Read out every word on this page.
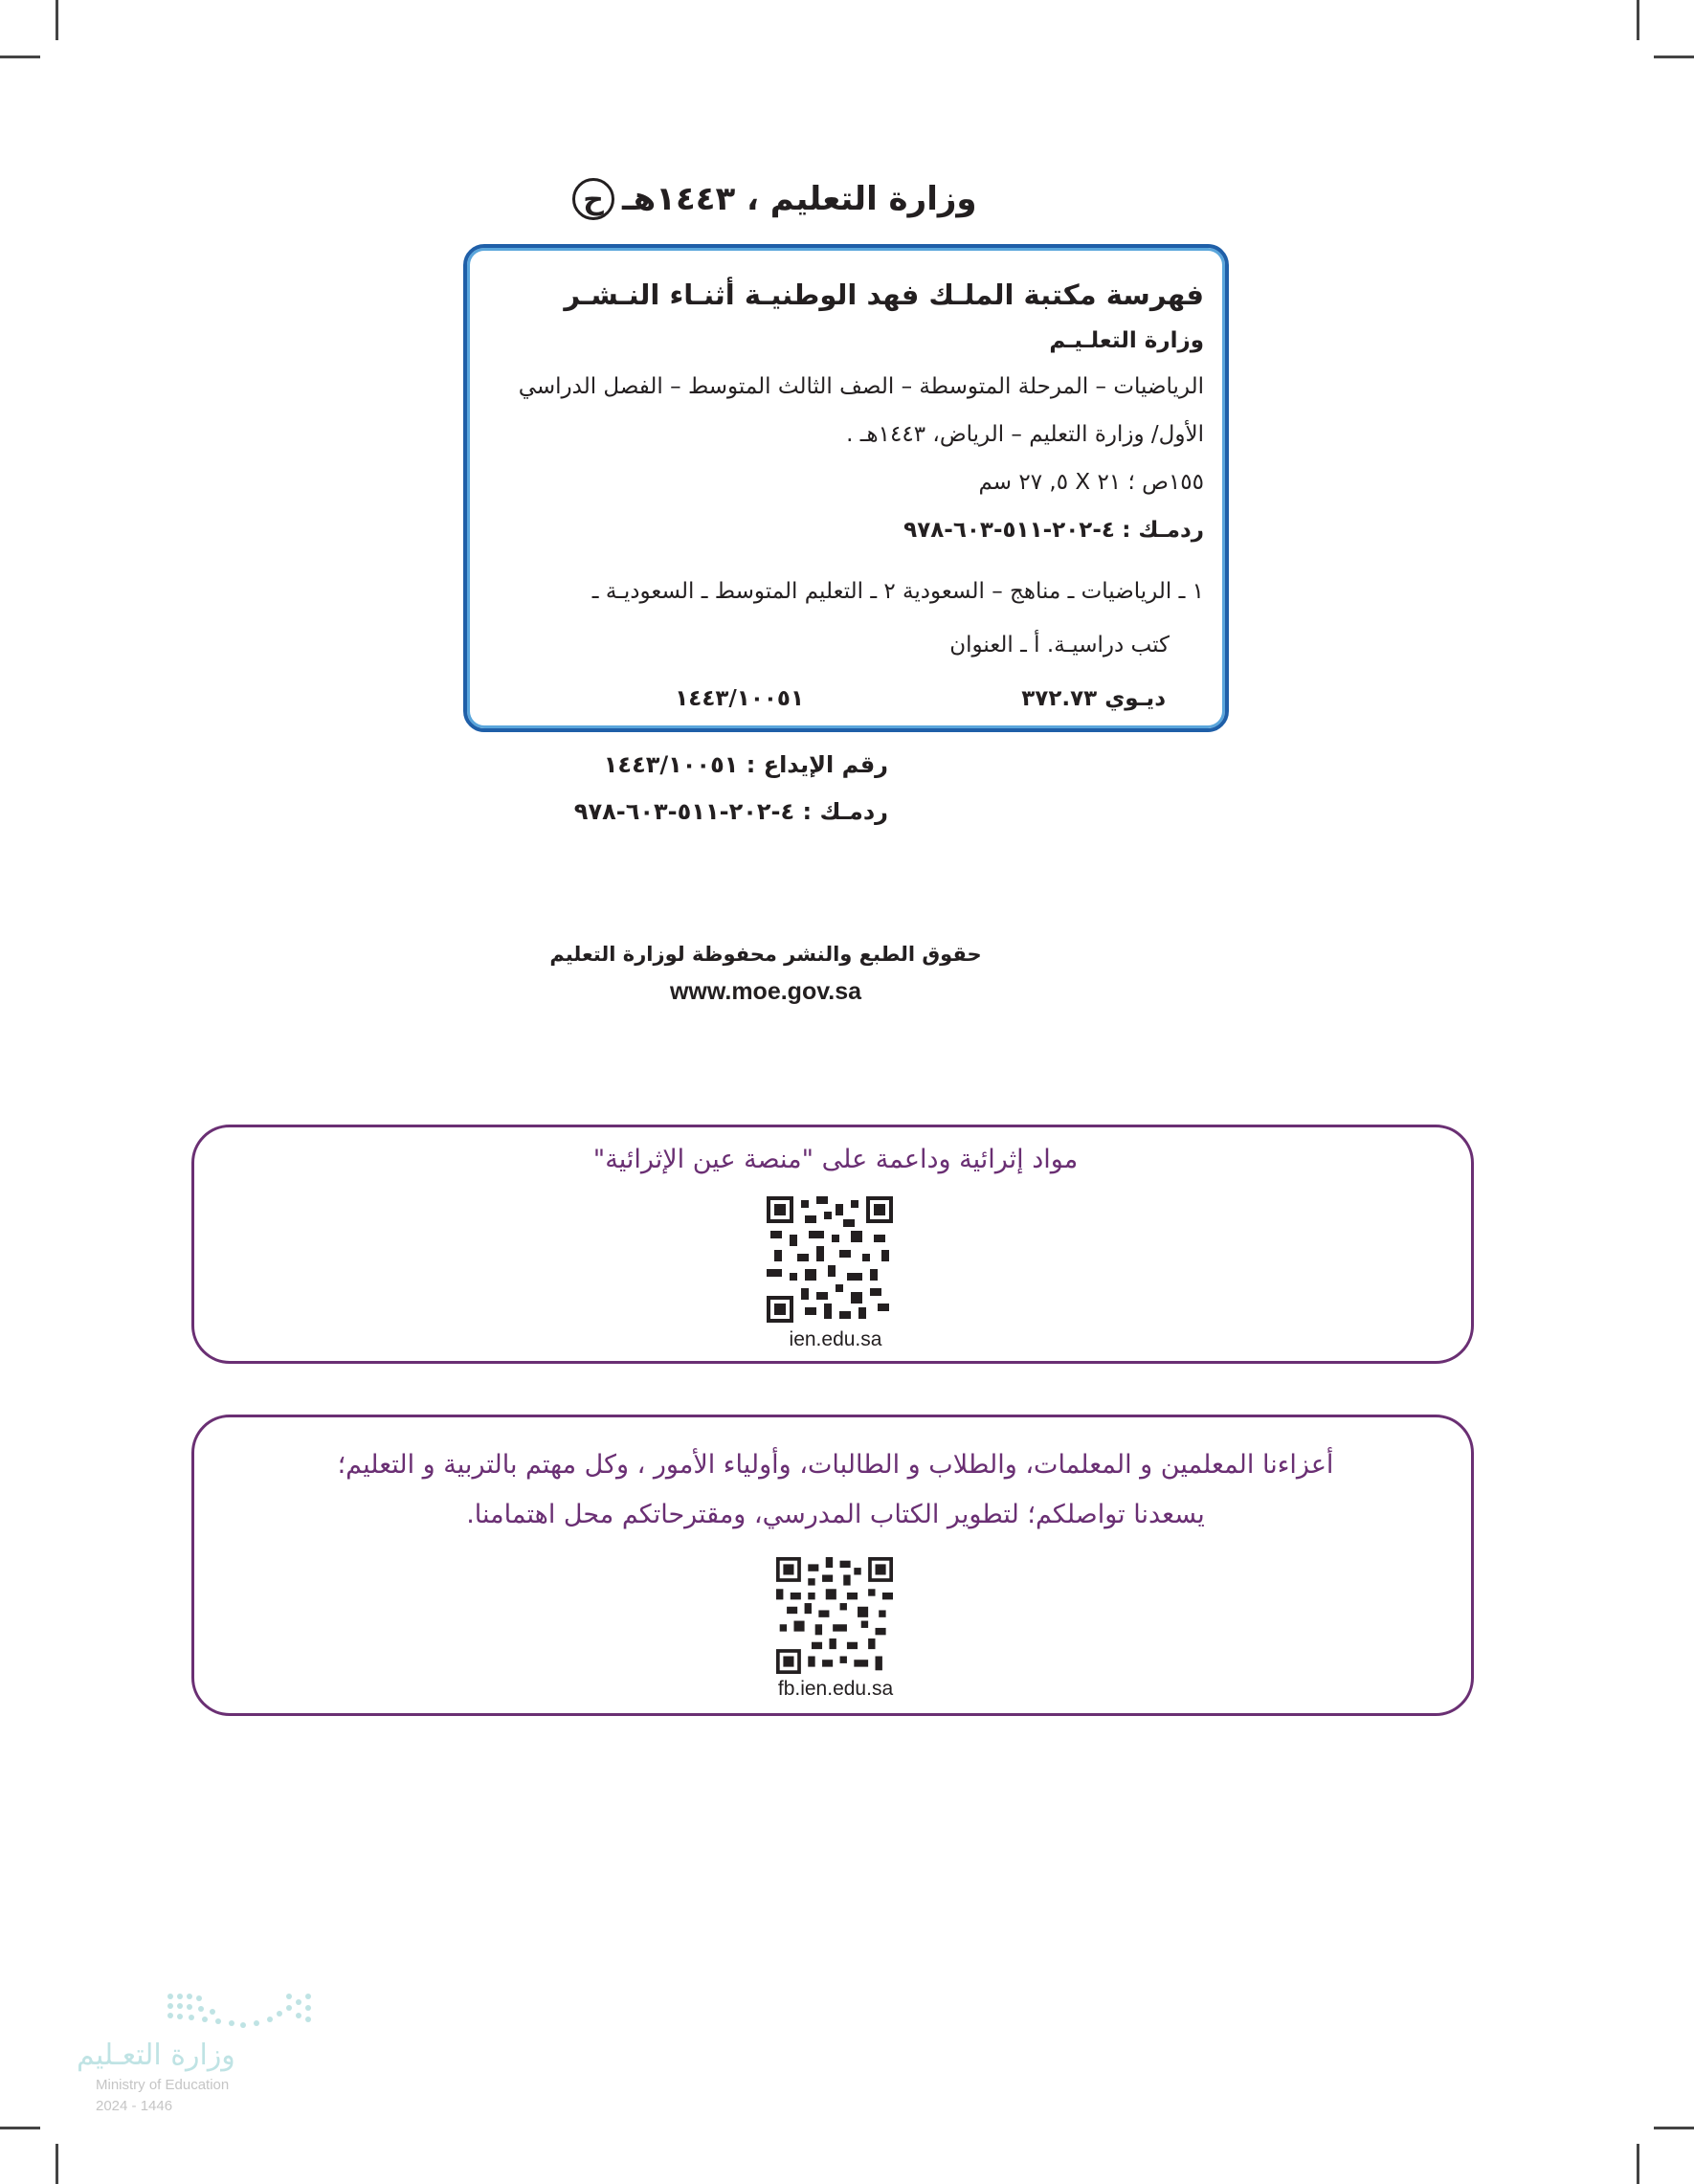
ح وزارة التعليم ، ١٤٤٣هـ
فهرسة مكتبة الملـك فهد الوطنيـة أثنـاء النـشـر
وزارة التعلـيـم
الرياضيات – المرحلة المتوسطة – الصف الثالث المتوسط – الفصل الدراسي
الأول/ وزارة التعليم – الرياض، ١٤٤٣هـ .
١٥٥ص ؛ ٢١ X ٥, ٢٧ سم
ردمـك : ٤-٢٠٢-٥١١-٦٠٣-٩٧٨
١ ـ الرياضيات ـ مناهج – السعودية ٢ ـ التعليم المتوسط ـ السعوديـة ـ
كتب دراسيـة. أ ـ العنوان
ديـوي ٣٧٢.٧٣
١٤٤٣/١٠٠٥١
رقم الإيداع : ١٤٤٣/١٠٠٥١
ردمـك : ٤-٢٠٢-٥١١-٦٠٣-٩٧٨
حقوق الطبع والنشر محفوظة لوزارة التعليم
www.moe.gov.sa
مواد إثرائية وداعمة على "منصة عين الإثرائية"
ien.edu.sa
أعزاءنا المعلمين و المعلمات، والطلاب و الطالبات، وأولياء الأمور ، وكل مهتم بالتربية و التعليم؛
يسعدنا تواصلكم؛ لتطوير الكتاب المدرسي، ومقترحاتكم محل اهتمامنا.
fb.ien.edu.sa
وزارة التعـليم
Ministry of Education
2024 - 1446
